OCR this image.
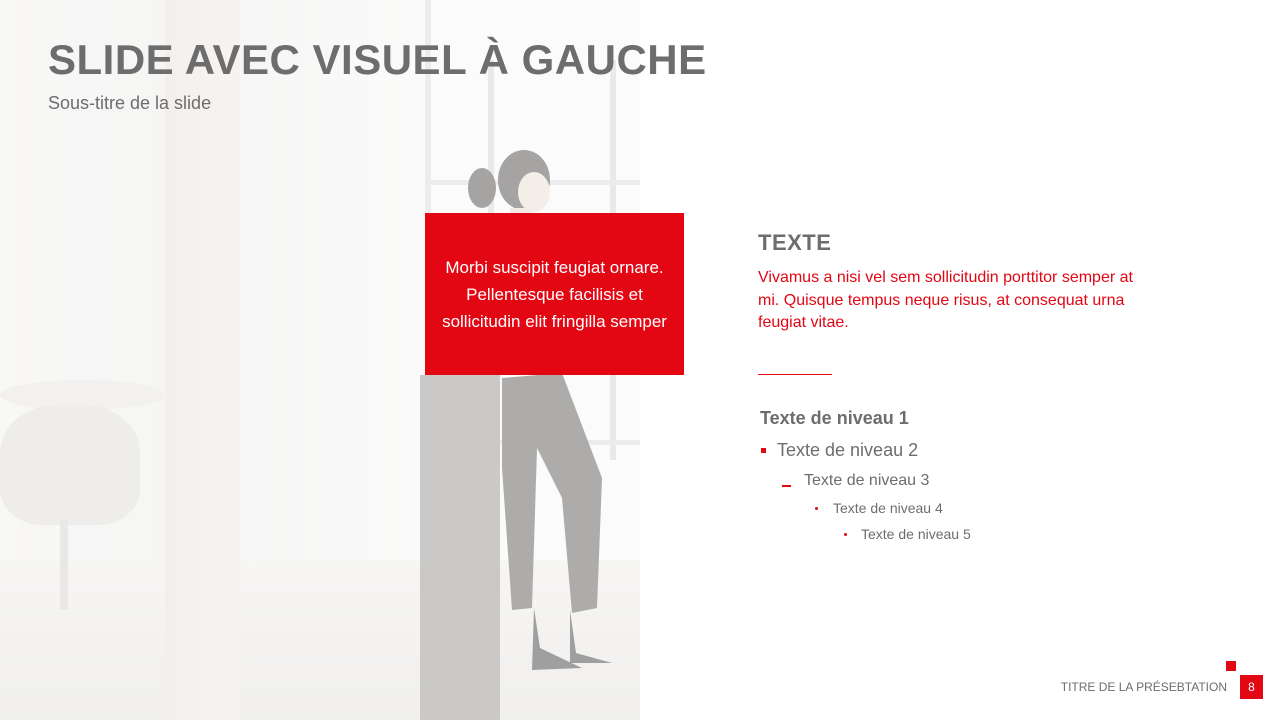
SLIDE AVEC VISUEL À GAUCHE
Sous-titre de la slide

Morbi suscipit feugiat ornare. Pellentesque facilisis et sollicitudin elit fringilla semper

TEXTE
Vivamus a nisi vel sem sollicitudin porttitor semper at mi. Quisque tempus neque risus, at consequat urna feugiat vitae.
Texte de niveau 1
Texte de niveau 2
Texte de niveau 3
Texte de niveau 4
Texte de niveau 5
TITRE DE LA PRÉSEBTATION	8
